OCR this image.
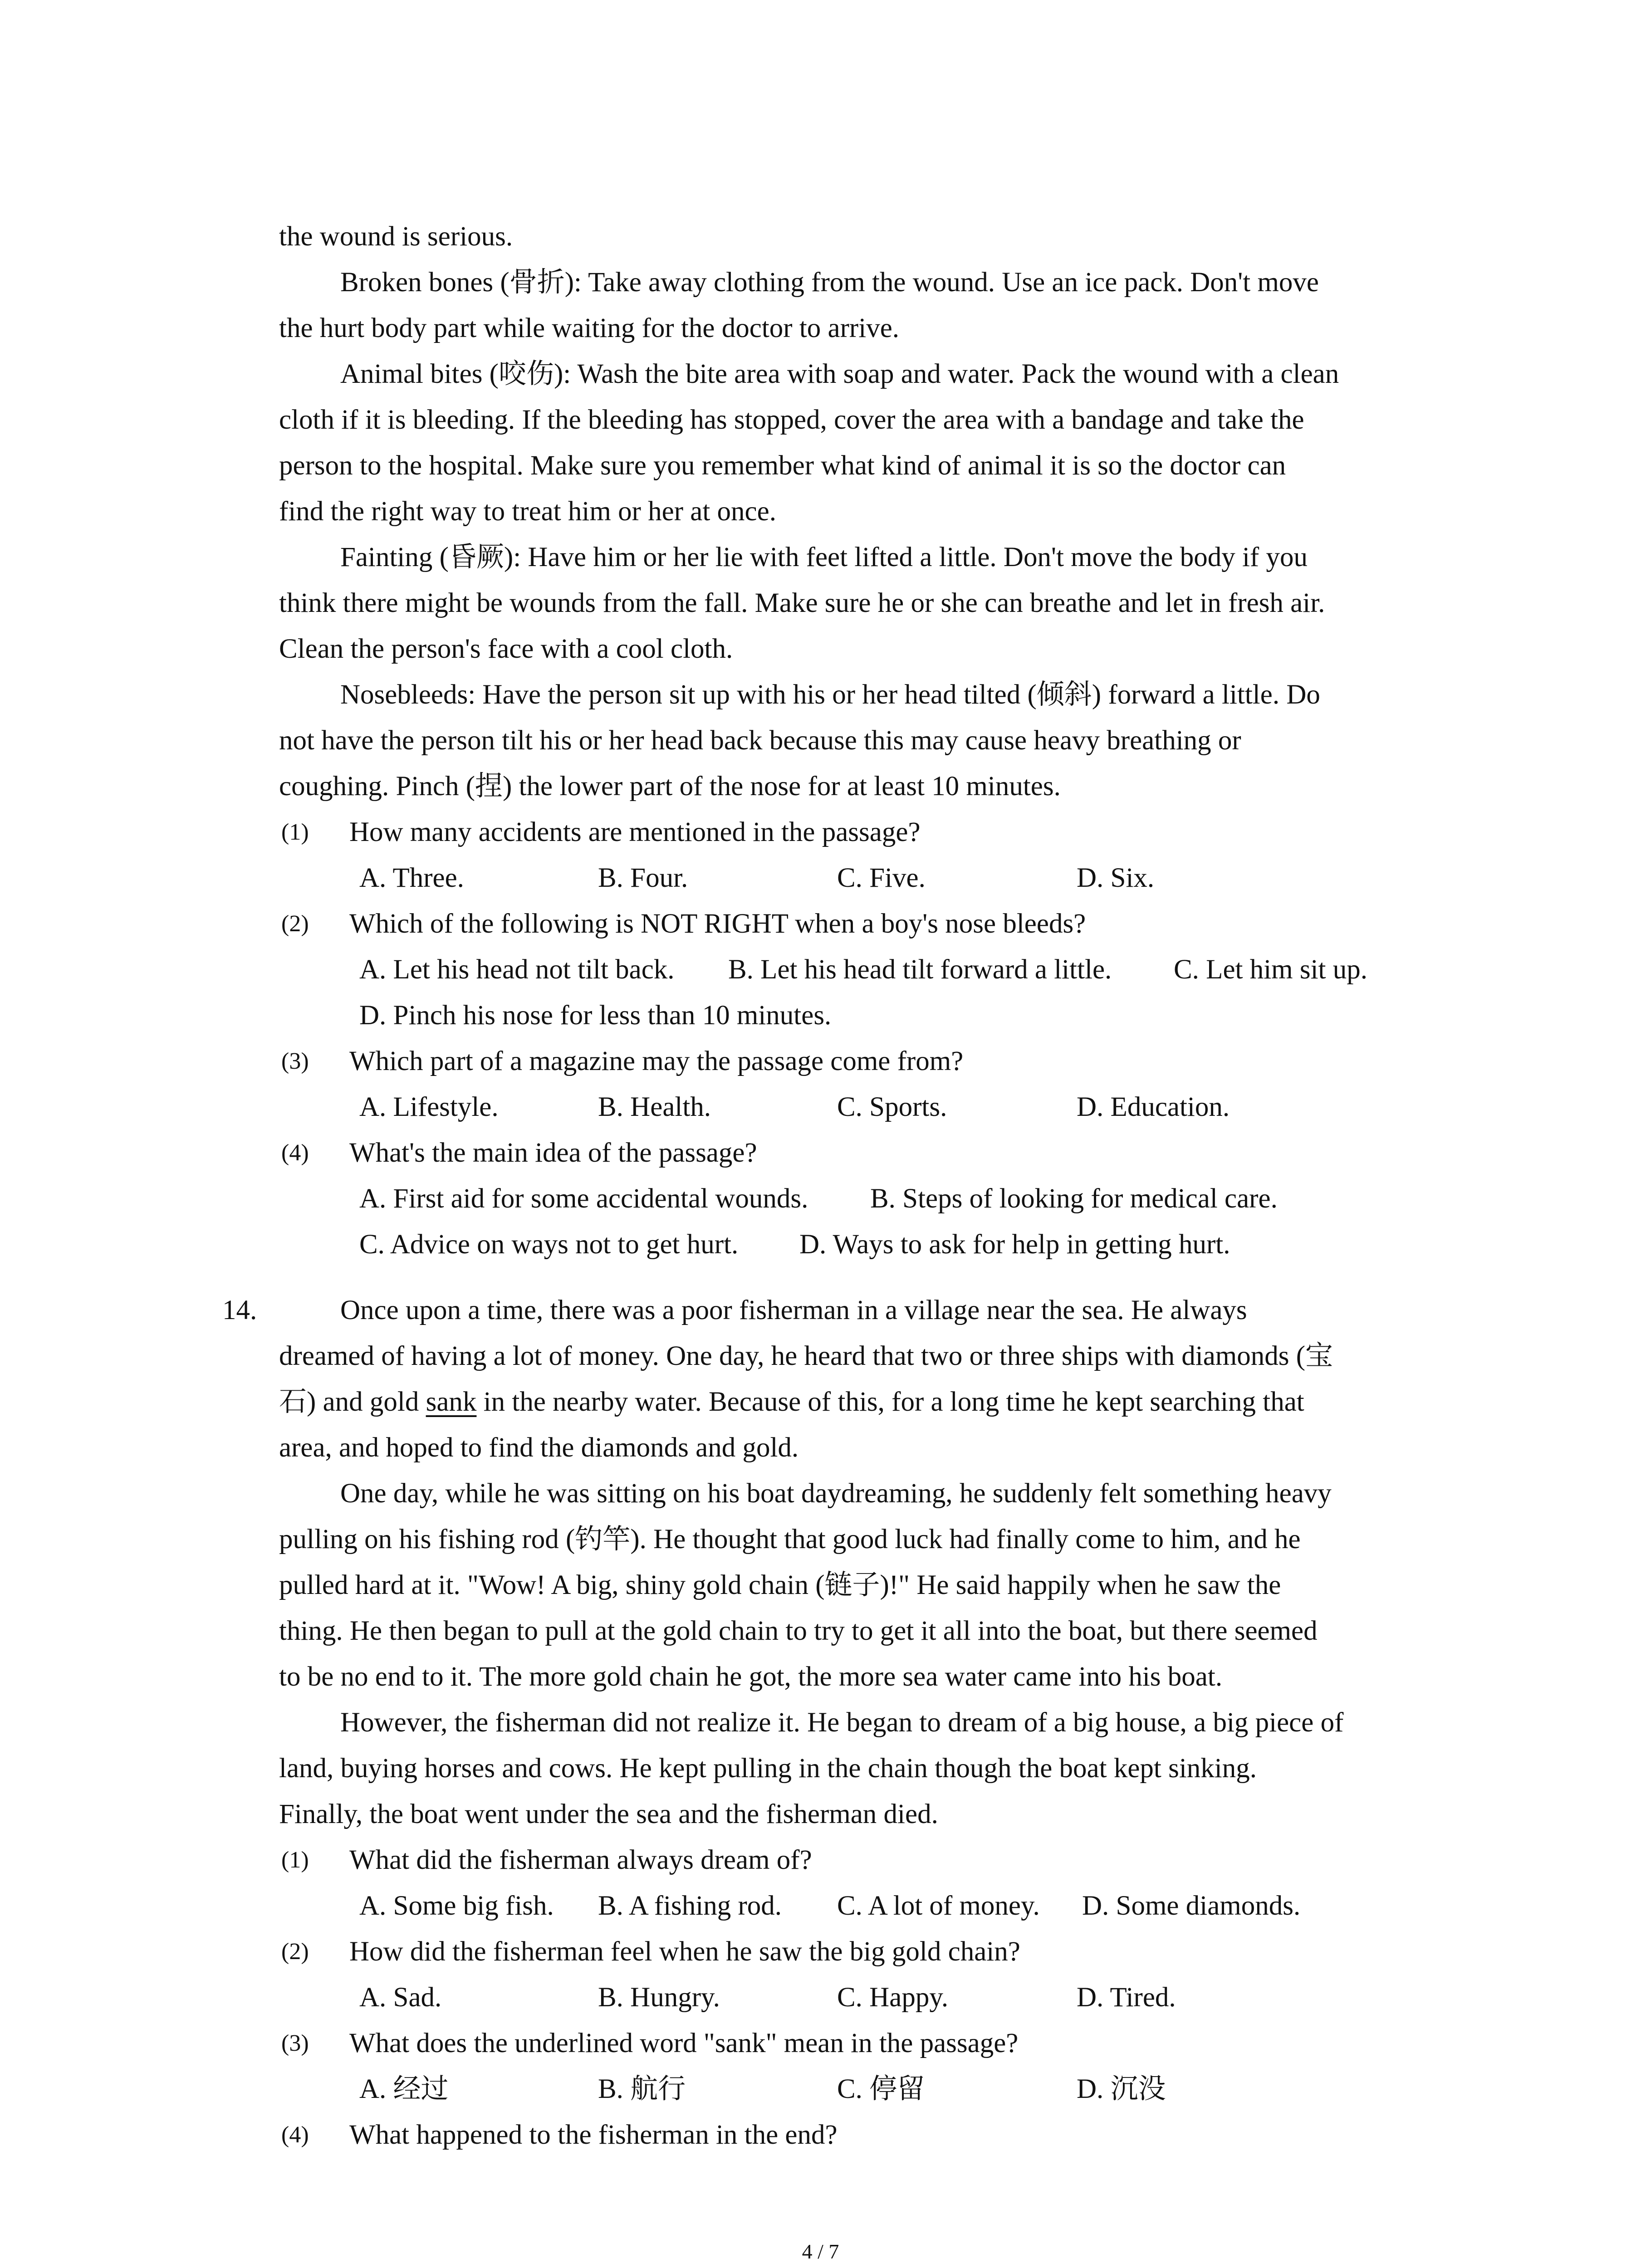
the wound is serious.
Broken bones (骨折): Take away clothing from the wound. Use an ice pack. Don't move
the hurt body part while waiting for the doctor to arrive.
Animal bites (咬伤): Wash the bite area with soap and water. Pack the wound with a clean
cloth if it is bleeding. If the bleeding has stopped, cover the area with a bandage and take the
person to the hospital. Make sure you remember what kind of animal it is so the doctor can
find the right way to treat him or her at once.
Fainting (昏厥): Have him or her lie with feet lifted a little. Don't move the body if you
think there might be wounds from the fall. Make sure he or she can breathe and let in fresh air.
Clean the person's face with a cool cloth.
Nosebleeds: Have the person sit up with his or her head tilted (倾斜) forward a little. Do
not have the person tilt his or her head back because this may cause heavy breathing or
coughing. Pinch (捏) the lower part of the nose for at least 10 minutes.
(1) How many accidents are mentioned in the passage?
A. Three.	B. Four.	C. Five.	D. Six.
(2) Which of the following is NOT RIGHT when a boy's nose bleeds?
A. Let his head not tilt back. B. Let his head tilt forward a little. C. Let him sit up.
D. Pinch his nose for less than 10 minutes.
(3) Which part of a magazine may the passage come from?
A. Lifestyle.	B. Health.	C. Sports.	D. Education.
(4) What's the main idea of the passage?
A. First aid for some accidental wounds. B. Steps of looking for medical care.
C. Advice on ways not to get hurt. D. Ways to ask for help in getting hurt.
14.	Once upon a time, there was a poor fisherman in a village near the sea. He always
dreamed of having a lot of money. One day, he heard that two or three ships with diamonds (宝
石) and gold sank in the nearby water. Because of this, for a long time he kept searching that
area, and hoped to find the diamonds and gold.
One day, while he was sitting on his boat daydreaming, he suddenly felt something heavy
pulling on his fishing rod (钓竿). He thought that good luck had finally come to him, and he
pulled hard at it. "Wow! A big, shiny gold chain (链子)!" He said happily when he saw the
thing. He then began to pull at the gold chain to try to get it all into the boat, but there seemed
to be no end to it. The more gold chain he got, the more sea water came into his boat.
However, the fisherman did not realize it. He began to dream of a big house, a big piece of
land, buying horses and cows. He kept pulling in the chain though the boat kept sinking.
Finally, the boat went under the sea and the fisherman died.
(1) What did the fisherman always dream of?
A. Some big fish. B. A fishing rod. C. A lot of money. D. Some diamonds.
(2) How did the fisherman feel when he saw the big gold chain?
A. Sad.	B. Hungry.	C. Happy.	D. Tired.
(3) What does the underlined word "sank" mean in the passage?
A. 经过	B. 航行	C. 停留	D. 沉没
(4) What happened to the fisherman in the end?
4 / 7
